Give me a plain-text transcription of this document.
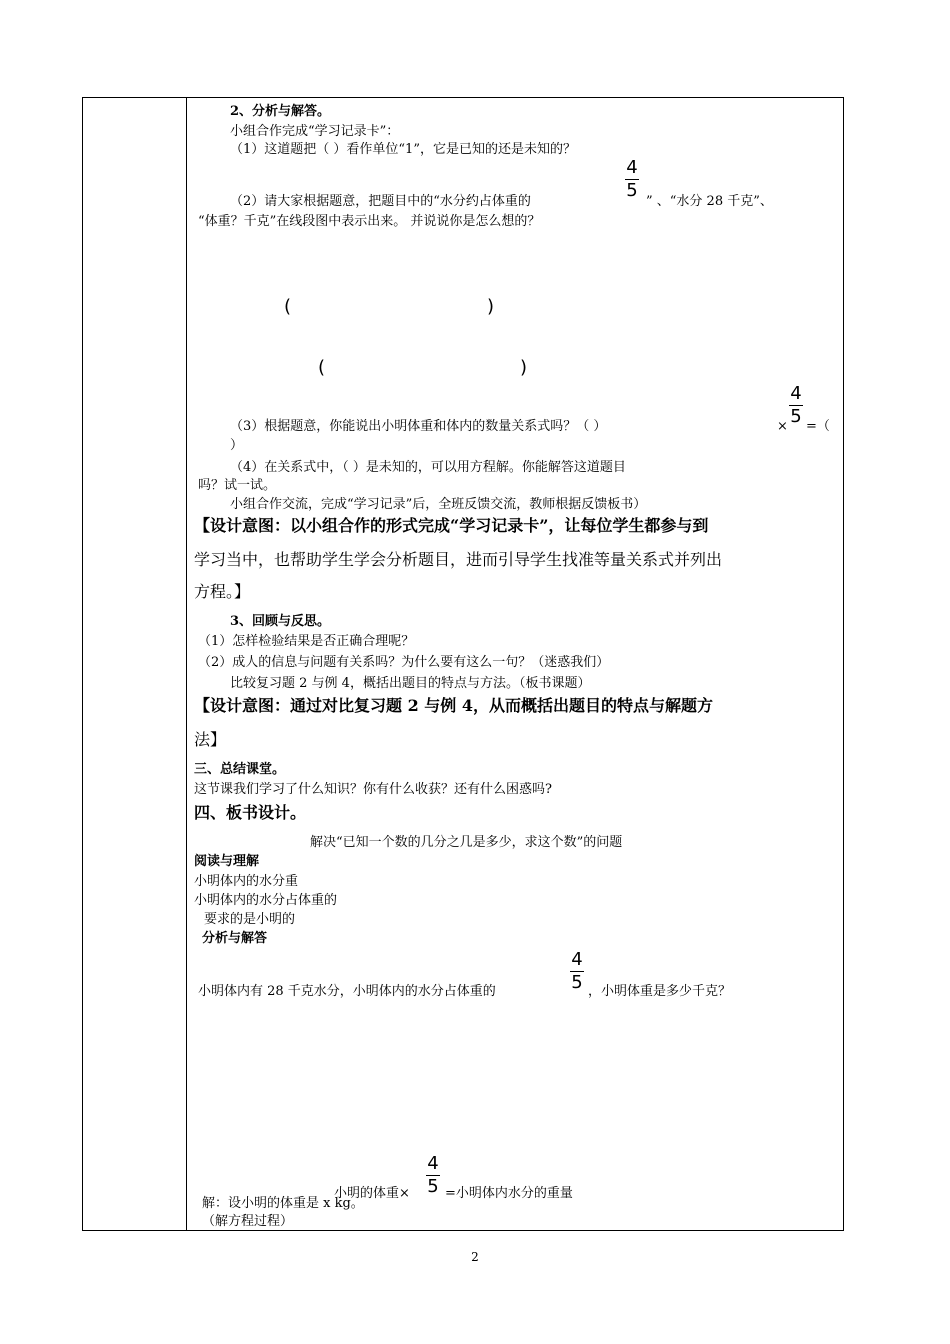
2、分析与解答。
小组合作完成“学习记录卡”：
（1）这道题把（ ）看作单位“1”，它是已知的还是未知的？
（2）请大家根据题意，把题目中的“水分约占体重的
4
5
” 、“水分 28 千克”、
“体重？千克”在线段图中表示出来。 并说说你是怎么想的？
(	)
(	)
4
5
（3）根据题意，你能说出小明体重和体内的数量关系式吗？（ ）	× =（
）
（4）在关系式中，（ ）是未知的，可以用方程解。你能解答这道题目
吗？试一试。
小组合作交流，完成“学习记录”后，全班反馈交流，教师根据反馈板书）
【设计意图：以小组合作的形式完成“学习记录卡”，让每位学生都参与到
学习当中，也帮助学生学会分析题目，进而引导学生找准等量关系式并列出
方程。】
3、回顾与反思。
（1）怎样检验结果是否正确合理呢？
（2）成人的信息与问题有关系吗？为什么要有这么一句？（迷惑我们）
比较复习题 2 与例 4，概括出题目的特点与方法。（板书课题）
【设计意图：通过对比复习题 2 与例 4，从而概括出题目的特点与解题方
法】
三、总结课堂。
这节课我们学习了什么知识？你有什么收获？还有什么困惑吗?
四、板书设计。
解决“已知一个数的几分之几是多少，求这个数”的问题
阅读与理解
小明体内的水分重
小明体内的水分占体重的
要求的是小明的
分析与解答
4
5
小明体内有 28 千克水分，小明体内的水分占体重的	，小明体重是多少千克？
4
5
小明的体重×	=小明体内水分的重量
解：设小明的体重是 x kg。
（解方程过程）
2
